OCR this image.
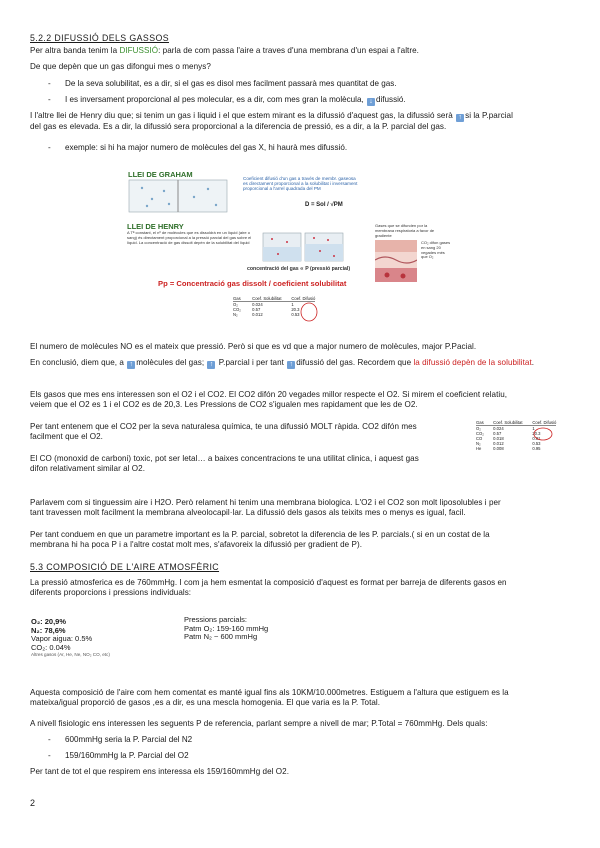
5.2.2 DIFUSSIÓ DELS GASSOS

Per altra banda tenim la DIFUSSIÓ: parla de com passa l'aire a traves d'una membrana d'un espai a l'altre.

De que depèn que un gas difongui mes o menys?

- De la seva solubilitat, es a dir, si el gas es disol mes facilment passarà mes quantitat de gas.

- I es inversament proporcional al pes molecular, es a dir, com mes gran la molècula, ↓ difussió.

I l'altre llei de Henry diu que; si tenim un gas i liquid i el que estem mirant es la difussió d'aquest gas, la difussió serà ↑ si la P.parcial
del gas es elevada. Es a dir, la difussió sera proporcional a la diferencia de pressió, es a dir, a la P. parcial del gas.

- exemple: si hi ha major numero de molècules del gas X, hi haurà mes difussió.

LLEI DE GRAHAM	Coeficient difusió d'un gas a través de membr. gaseosa es directament proporcional a la solubilitat i inversament proporcional a l'arrel quadrada del PM
D = Sol / √PM
LLEI DE HENRY
A Tª constant, el nº de molècules que es dissoldrà en un líquid (aire o sang) és directament proporcional a la pressió parcial del gas sobre el líquid. La concentració de gas dissolt depèn de la solubilitat del líquid
concentració del gas ∝ P (pressió parcial)
Pp = Concentració gas dissolt / coeficient solubilitat
Gases que se difunden por la membrana respiratoria a favor de gradiente
CO₂ difon gases en sang 20 vegades més que O₂
Gas	Coef. Solubilitat Coef. Difusió
O₂	0.024	1
CO₂	0.57	20.3
N₂	0.012	0.53

El numero de molècules NO es el mateix que pressió. Però si que es vd que a major numero de molècules, major P.Pacial.

En conclusió, diem que, a ↑ molècules del gas; ↑ P.parcial i per tant ↑ difussió del gas. Recordem que la difussió depèn de la solubilitat.

Els gasos que mes ens interessen son el O2 i el CO2. El CO2 difón 20 vegades millor respecte el O2. Si mirem el coeficient relatiu,
veiem que el O2 es 1 i el CO2 es de 20,3. Les Pressions de CO2 s'igualen mes rapidament que les de O2.

Per tant entenem que el CO2 per la seva naturalesa química, te una difussió MOLT ràpida. CO2 difón mes
facilment que el O2.

El CO (monoxid de carboni) toxic, pot ser letal… a baixes concentracions te una utilitat clinica, i aquest gas
difon relativament similar al O2.

Gas Coef. Solubilitat Coef. Difusió
O₂	0.024	1
CO₂ 0.57	20.3
CO	0.018	0.81
N₂	0.012	0.53
He	0.008	0.95

Parlavem com si tinguessim aire i H2O. Però relament hi tenim una membrana biologica. L'O2 i el CO2 son molt liposolubles i per
tant travessen molt facilment la membrana alveolocapil·lar. La difussió dels gasos als teixits mes o menys es igual, facil.

Per tant conduem en que un parametre important es la P. parcial, sobretot la diferencia de les P. parcials.( si en un costat de la
membrana hi ha poca P i a l'altre costat molt mes, s'afavoreix la difussió per gradient de P).

5.3 COMPOSICIÓ DE L'AIRE ATMOSFÈRIC

La pressió atmosferica es de 760mmHg. I com ja hem esmentat la composició d'aquest es format per barreja de diferents gasos en
diferents proporcions i pressions individuals:

O₂: 20,9%
N₂: 78,6%
Vapor aigua: 0.5%
CO₂: 0.04%
Altres gasos (Ar, He, Ne, NO₂ CO, etc)
Pressions parcials:
Patm O₂: 159-160 mmHg
Patm N₂ ~ 600 mmHg

Aquesta composició de l'aire com hem comentat es manté igual fins als 10KM/10.000metres. Estiguem a l'altura que estiguem es la
mateixa/igual proporció de gasos ,es a dir, es una mescla homogenia. El que varia es la P. Total.

A nivell fisiologic ens interessen les seguents P de referencia, parlant sempre a nivell de mar; P.Total = 760mmHg. Dels quals:

- 600mmHg seria la P. Parcial del N2

- 159/160mmHg la P. Parcial del O2

Per tant de tot el que respirem ens interessa els 159/160mmHg del O2.

2
